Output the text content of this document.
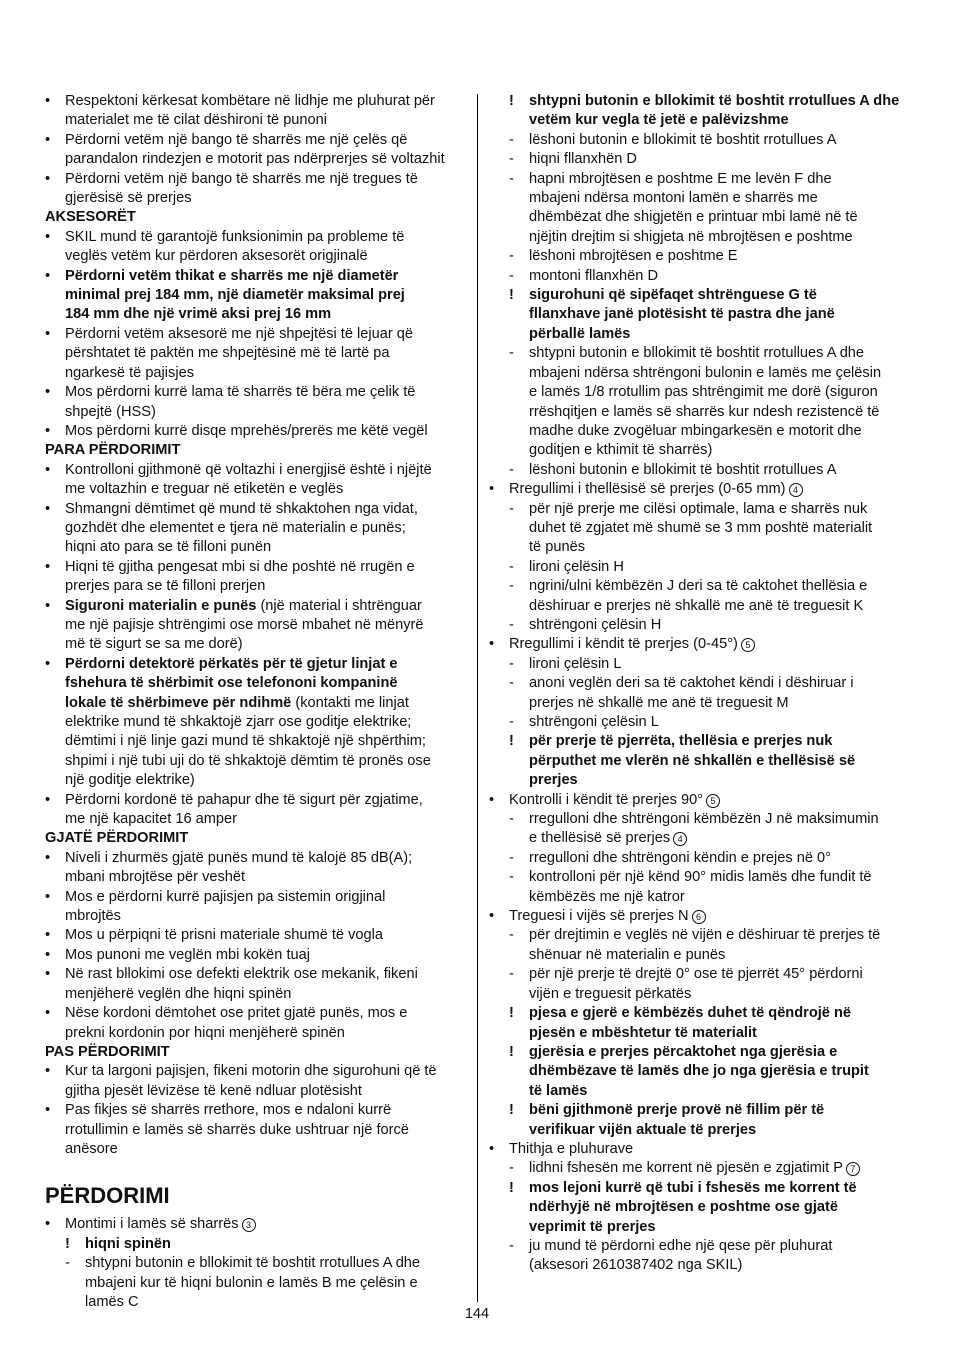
• Respektoni kërkesat kombëtare në lidhje me pluhurat për
materialet me të cilat dëshironi të punoni
• Përdorni vetëm një bango të sharrës me një çelës që
parandalon rindezjen e motorit pas ndërprerjes së voltazhit
• Përdorni vetëm një bango të sharrës me një tregues të
gjerësisë së prerjes
AKSESORËT
• SKIL mund të garantojë funksionimin pa probleme të
veglës vetëm kur përdoren aksesorët origjinalë
• Përdorni vetëm thikat e sharrës me një diametër
minimal prej 184 mm, një diametër maksimal prej
184 mm dhe një vrimë aksi prej 16 mm
• Përdorni vetëm aksesorë me një shpejtësi të lejuar që
përshtatet të paktën me shpejtësinë më të lartë pa
ngarkesë të pajisjes
• Mos përdorni kurrë lama të sharrës të bëra me çelik të
shpejtë (HSS)
• Mos përdorni kurrë disqe mprehës/prerës me këtë vegël
PARA PËRDORIMIT
• Kontrolloni gjithmonë që voltazhi i energjisë është i njëjtë
me voltazhin e treguar në etiketën e veglës
• Shmangni dëmtimet që mund të shkaktohen nga vidat,
gozhdët dhe elementet e tjera në materialin e punës;
hiqni ato para se të filloni punën
• Hiqni të gjitha pengesat mbi si dhe poshtë në rrugën e
prerjes para se të filloni prerjen
• Siguroni materialin e punës (një material i shtrënguar
me një pajisje shtrëngimi ose morsë mbahet në mënyrë
më të sigurt se sa me dorë)
• Përdorni detektorë përkatës për të gjetur linjat e
fshehura të shërbimit ose telefononi kompaninë
lokale të shërbimeve për ndihmë (kontakti me linjat
elektrike mund të shkaktojë zjarr ose goditje elektrike;
dëmtimi i një linje gazi mund të shkaktojë një shpërthim;
shpimi i një tubi uji do të shkaktojë dëmtim të pronës ose
një goditje elektrike)
• Përdorni kordonë të pahapur dhe të sigurt për zgjatime,
me një kapacitet 16 amper
GJATË PËRDORIMIT
• Niveli i zhurmës gjatë punës mund të kalojë 85 dB(A);
mbani mbrojtëse për veshët
• Mos e përdorni kurrë pajisjen pa sistemin origjinal
mbrojtës
• Mos u përpiqni të prisni materiale shumë të vogla
• Mos punoni me veglën mbi kokën tuaj
• Në rast bllokimi ose defekti elektrik ose mekanik, fikeni
menjëherë veglën dhe hiqni spinën
• Nëse kordoni dëmtohet ose pritet gjatë punës, mos e
prekni kordonin por hiqni menjëherë spinën
PAS PËRDORIMIT
• Kur ta largoni pajisjen, fikeni motorin dhe sigurohuni që të
gjitha pjesët lëvizëse të kenë ndluar plotësisht
• Pas fikjes së sharrës rrethore, mos e ndaloni kurrë
rrotullimin e lamës së sharrës duke ushtruar një forcë
anësore
PËRDORIMI
• Montimi i lamës së sharrës 3
! hiqni spinën
- shtypni butonin e bllokimit të boshtit rrotullues A dhe
mbajeni kur të hiqni bulonin e lamës B me çelësin e
lamës C
! shtypni butonin e bllokimit të boshtit rrotullues A dhe
vetëm kur vegla të jetë e palëvizshme
- lëshoni butonin e bllokimit të boshtit rrotullues A
- hiqni fllanxhën D
- hapni mbrojtësen e poshtme E me levën F dhe
mbajeni ndërsa montoni lamën e sharrës me
dhëmbëzat dhe shigjetën e printuar mbi lamë në të
njëjtin drejtim si shigjeta në mbrojtësen e poshtme
- lëshoni mbrojtësen e poshtme E
- montoni fllanxhën D
! sigurohuni që sipëfaqet shtrënguese G të
fllanxhave janë plotësisht të pastra dhe janë
përballë lamës
- shtypni butonin e bllokimit të boshtit rrotullues A dhe
mbajeni ndërsa shtrëngoni bulonin e lamës me çelësin
e lamës 1/8 rrotullim pas shtrëngimit me dorë (siguron
rrëshqitjen e lamës së sharrës kur ndesh rezistencë të
madhe duke zvogëluar mbingarkesën e motorit dhe
goditjen e kthimit të sharrës)
- lëshoni butonin e bllokimit të boshtit rrotullues A
• Rregullimi i thellësisë së prerjes (0-65 mm) 4
- për një prerje me cilësi optimale, lama e sharrës nuk
duhet të zgjatet më shumë se 3 mm poshtë materialit
të punës
- lironi çelësin H
- ngrini/ulni këmbëzën J deri sa të caktohet thellësia e
dëshiruar e prerjes në shkallë me anë të treguesit K
- shtrëngoni çelësin H
• Rregullimi i këndit të prerjes (0-45°) 5
- lironi çelësin L
- anoni veglën deri sa të caktohet këndi i dëshiruar i
prerjes në shkallë me anë të treguesit M
- shtrëngoni çelësin L
! për prerje të pjerrëta, thellësia e prerjes nuk
përputhet me vlerën në shkallën e thellësisë së
prerjes
• Kontrolli i këndit të prerjes 90° 5
- rregulloni dhe shtrëngoni këmbëzën J në maksimumin
e thellësisë së prerjes 4
- rregulloni dhe shtrëngoni këndin e prejes në 0°
- kontrolloni për një kënd 90° midis lamës dhe fundit të
këmbëzës me një katror
• Treguesi i vijës së prerjes N 6
- për drejtimin e veglës në vijën e dëshiruar të prerjes të
shënuar në materialin e punës
- për një prerje të drejtë 0° ose të pjerrët 45° përdorni
vijën e treguesit përkatës
! pjesa e gjerë e këmbëzës duhet të qëndrojë në
pjesën e mbështetur të materialit
! gjerësia e prerjes përcaktohet nga gjerësia e
dhëmbëzave të lamës dhe jo nga gjerësia e trupit
të lamës
! bëni gjithmonë prerje provë në fillim për të
verifikuar vijën aktuale të prerjes
• Thithja e pluhurave
- lidhni fshesën me korrent në pjesën e zgjatimit P 7
! mos lejoni kurrë që tubi i fshesës me korrent të
ndërhyjë në mbrojtësen e poshtme ose gjatë
veprimit të prerjes
- ju mund të përdorni edhe një qese për pluhurat
(aksesori 2610387402 nga SKIL)
144
